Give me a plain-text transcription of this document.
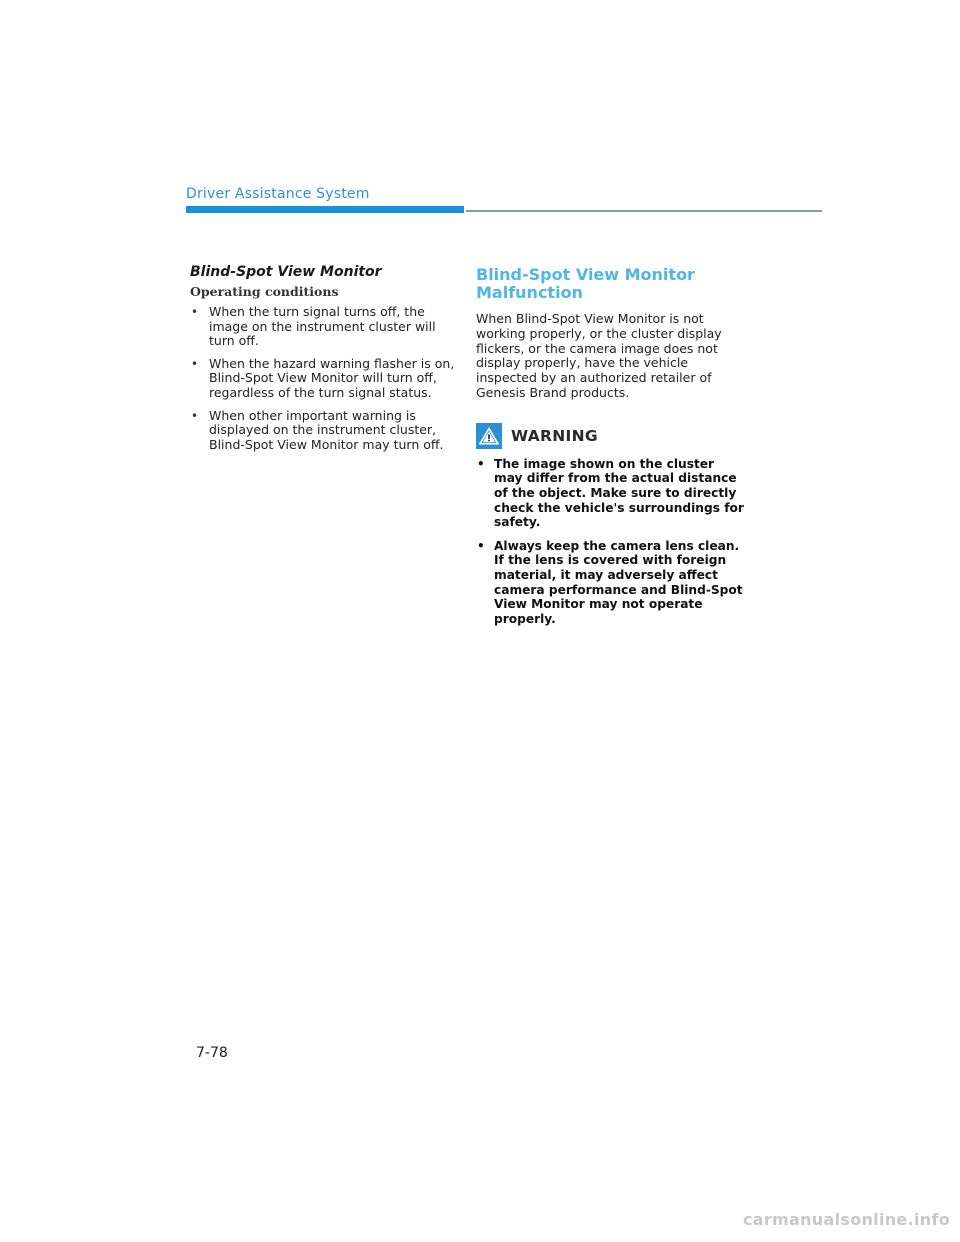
Driver Assistance System
Blind-Spot View Monitor
Operating conditions
• When the turn signal turns off, the image on the instrument cluster will turn off.
• When the hazard warning flasher is on, Blind-Spot View Monitor will turn off, regardless of the turn signal status.
• When other important warning is displayed on the instrument cluster, Blind-Spot View Monitor may turn off.
Blind-Spot View Monitor
Malfunction

When Blind-Spot View Monitor is not working properly, or the cluster display flickers, or the camera image does not display properly, have the vehicle inspected by an authorized retailer of Genesis Brand products.

WARNING
• The image shown on the cluster may differ from the actual distance of the object. Make sure to directly check the vehicle's surroundings for safety.
• Always keep the camera lens clean. If the lens is covered with foreign material, it may adversely affect camera performance and Blind-Spot View Monitor may not operate properly.
7-78
carmanualsonline.info
